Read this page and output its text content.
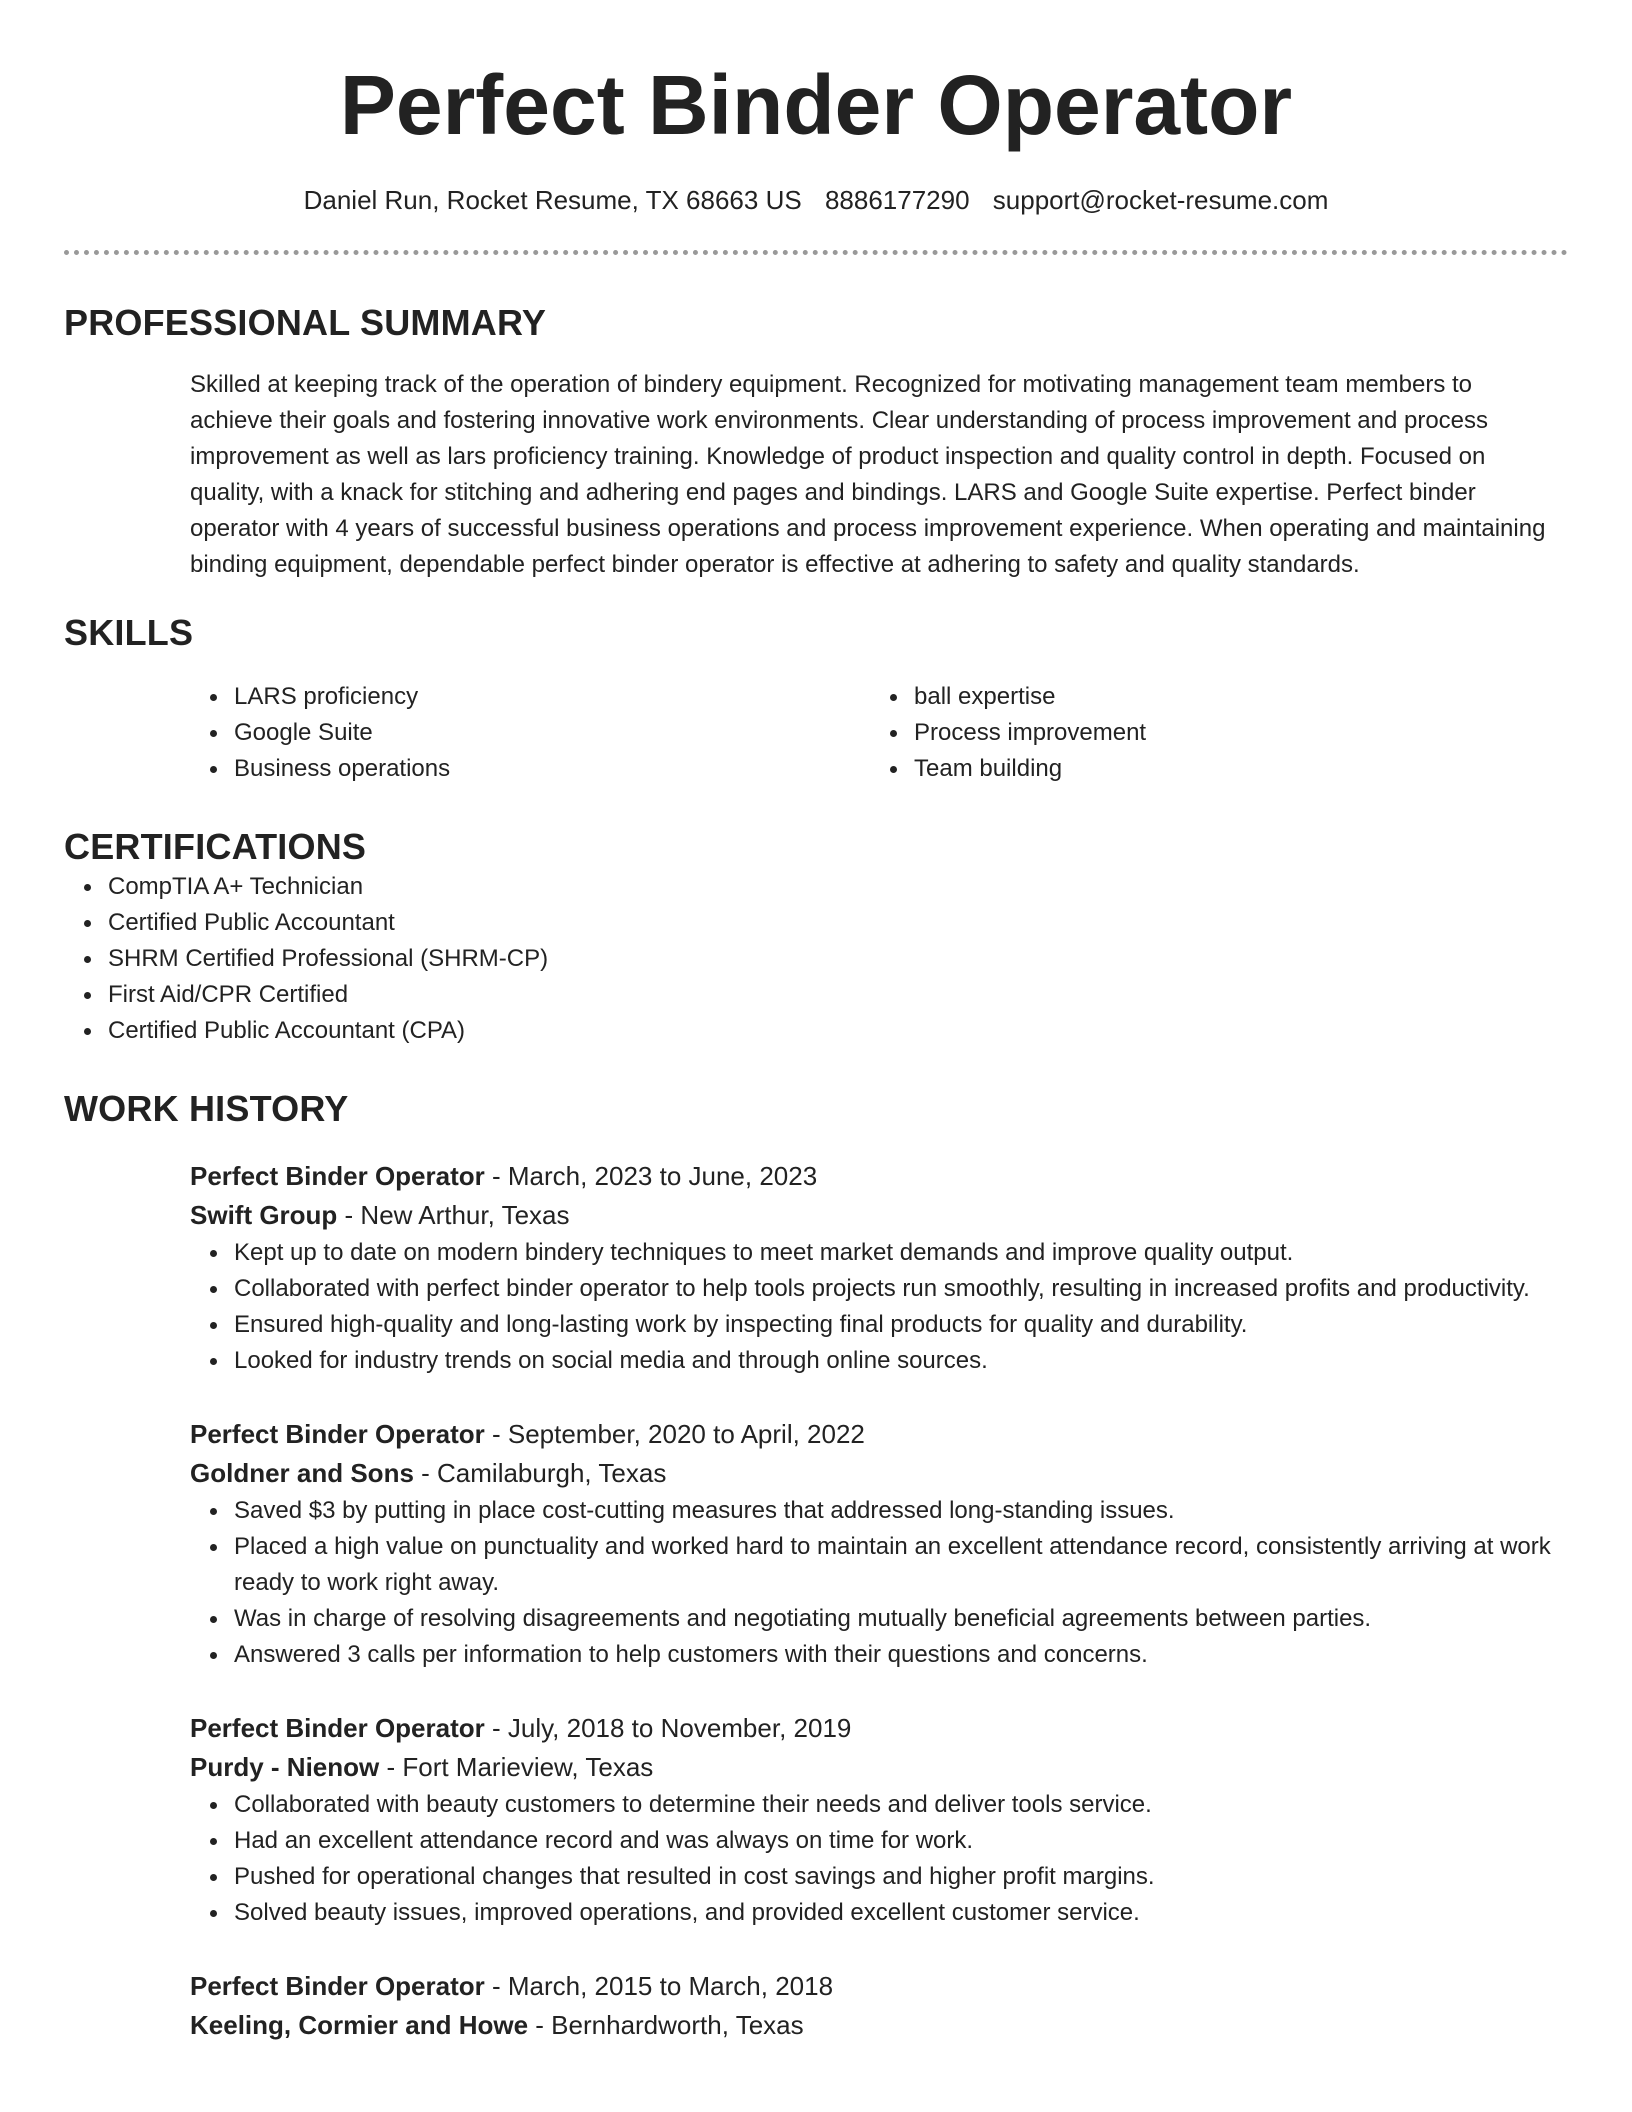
Perfect Binder Operator
Daniel Run, Rocket Resume, TX 68663 US 8886177290 support@rocket-resume.com
PROFESSIONAL SUMMARY
Skilled at keeping track of the operation of bindery equipment. Recognized for motivating management team members to achieve their goals and fostering innovative work environments. Clear understanding of process improvement and process improvement as well as lars proficiency training. Knowledge of product inspection and quality control in depth. Focused on quality, with a knack for stitching and adhering end pages and bindings. LARS and Google Suite expertise. Perfect binder operator with 4 years of successful business operations and process improvement experience. When operating and maintaining binding equipment, dependable perfect binder operator is effective at adhering to safety and quality standards.
SKILLS
LARS proficiency
Google Suite
Business operations
ball expertise
Process improvement
Team building
CERTIFICATIONS
CompTIA A+ Technician
Certified Public Accountant
SHRM Certified Professional (SHRM-CP)
First Aid/CPR Certified
Certified Public Accountant (CPA)
WORK HISTORY
Perfect Binder Operator - March, 2023 to June, 2023
Swift Group - New Arthur, Texas
Kept up to date on modern bindery techniques to meet market demands and improve quality output.
Collaborated with perfect binder operator to help tools projects run smoothly, resulting in increased profits and productivity.
Ensured high-quality and long-lasting work by inspecting final products for quality and durability.
Looked for industry trends on social media and through online sources.
Perfect Binder Operator - September, 2020 to April, 2022
Goldner and Sons - Camilaburgh, Texas
Saved $3 by putting in place cost-cutting measures that addressed long-standing issues.
Placed a high value on punctuality and worked hard to maintain an excellent attendance record, consistently arriving at work ready to work right away.
Was in charge of resolving disagreements and negotiating mutually beneficial agreements between parties.
Answered 3 calls per information to help customers with their questions and concerns.
Perfect Binder Operator - July, 2018 to November, 2019
Purdy - Nienow - Fort Marieview, Texas
Collaborated with beauty customers to determine their needs and deliver tools service.
Had an excellent attendance record and was always on time for work.
Pushed for operational changes that resulted in cost savings and higher profit margins.
Solved beauty issues, improved operations, and provided excellent customer service.
Perfect Binder Operator - March, 2015 to March, 2018
Keeling, Cormier and Howe - Bernhardworth, Texas
